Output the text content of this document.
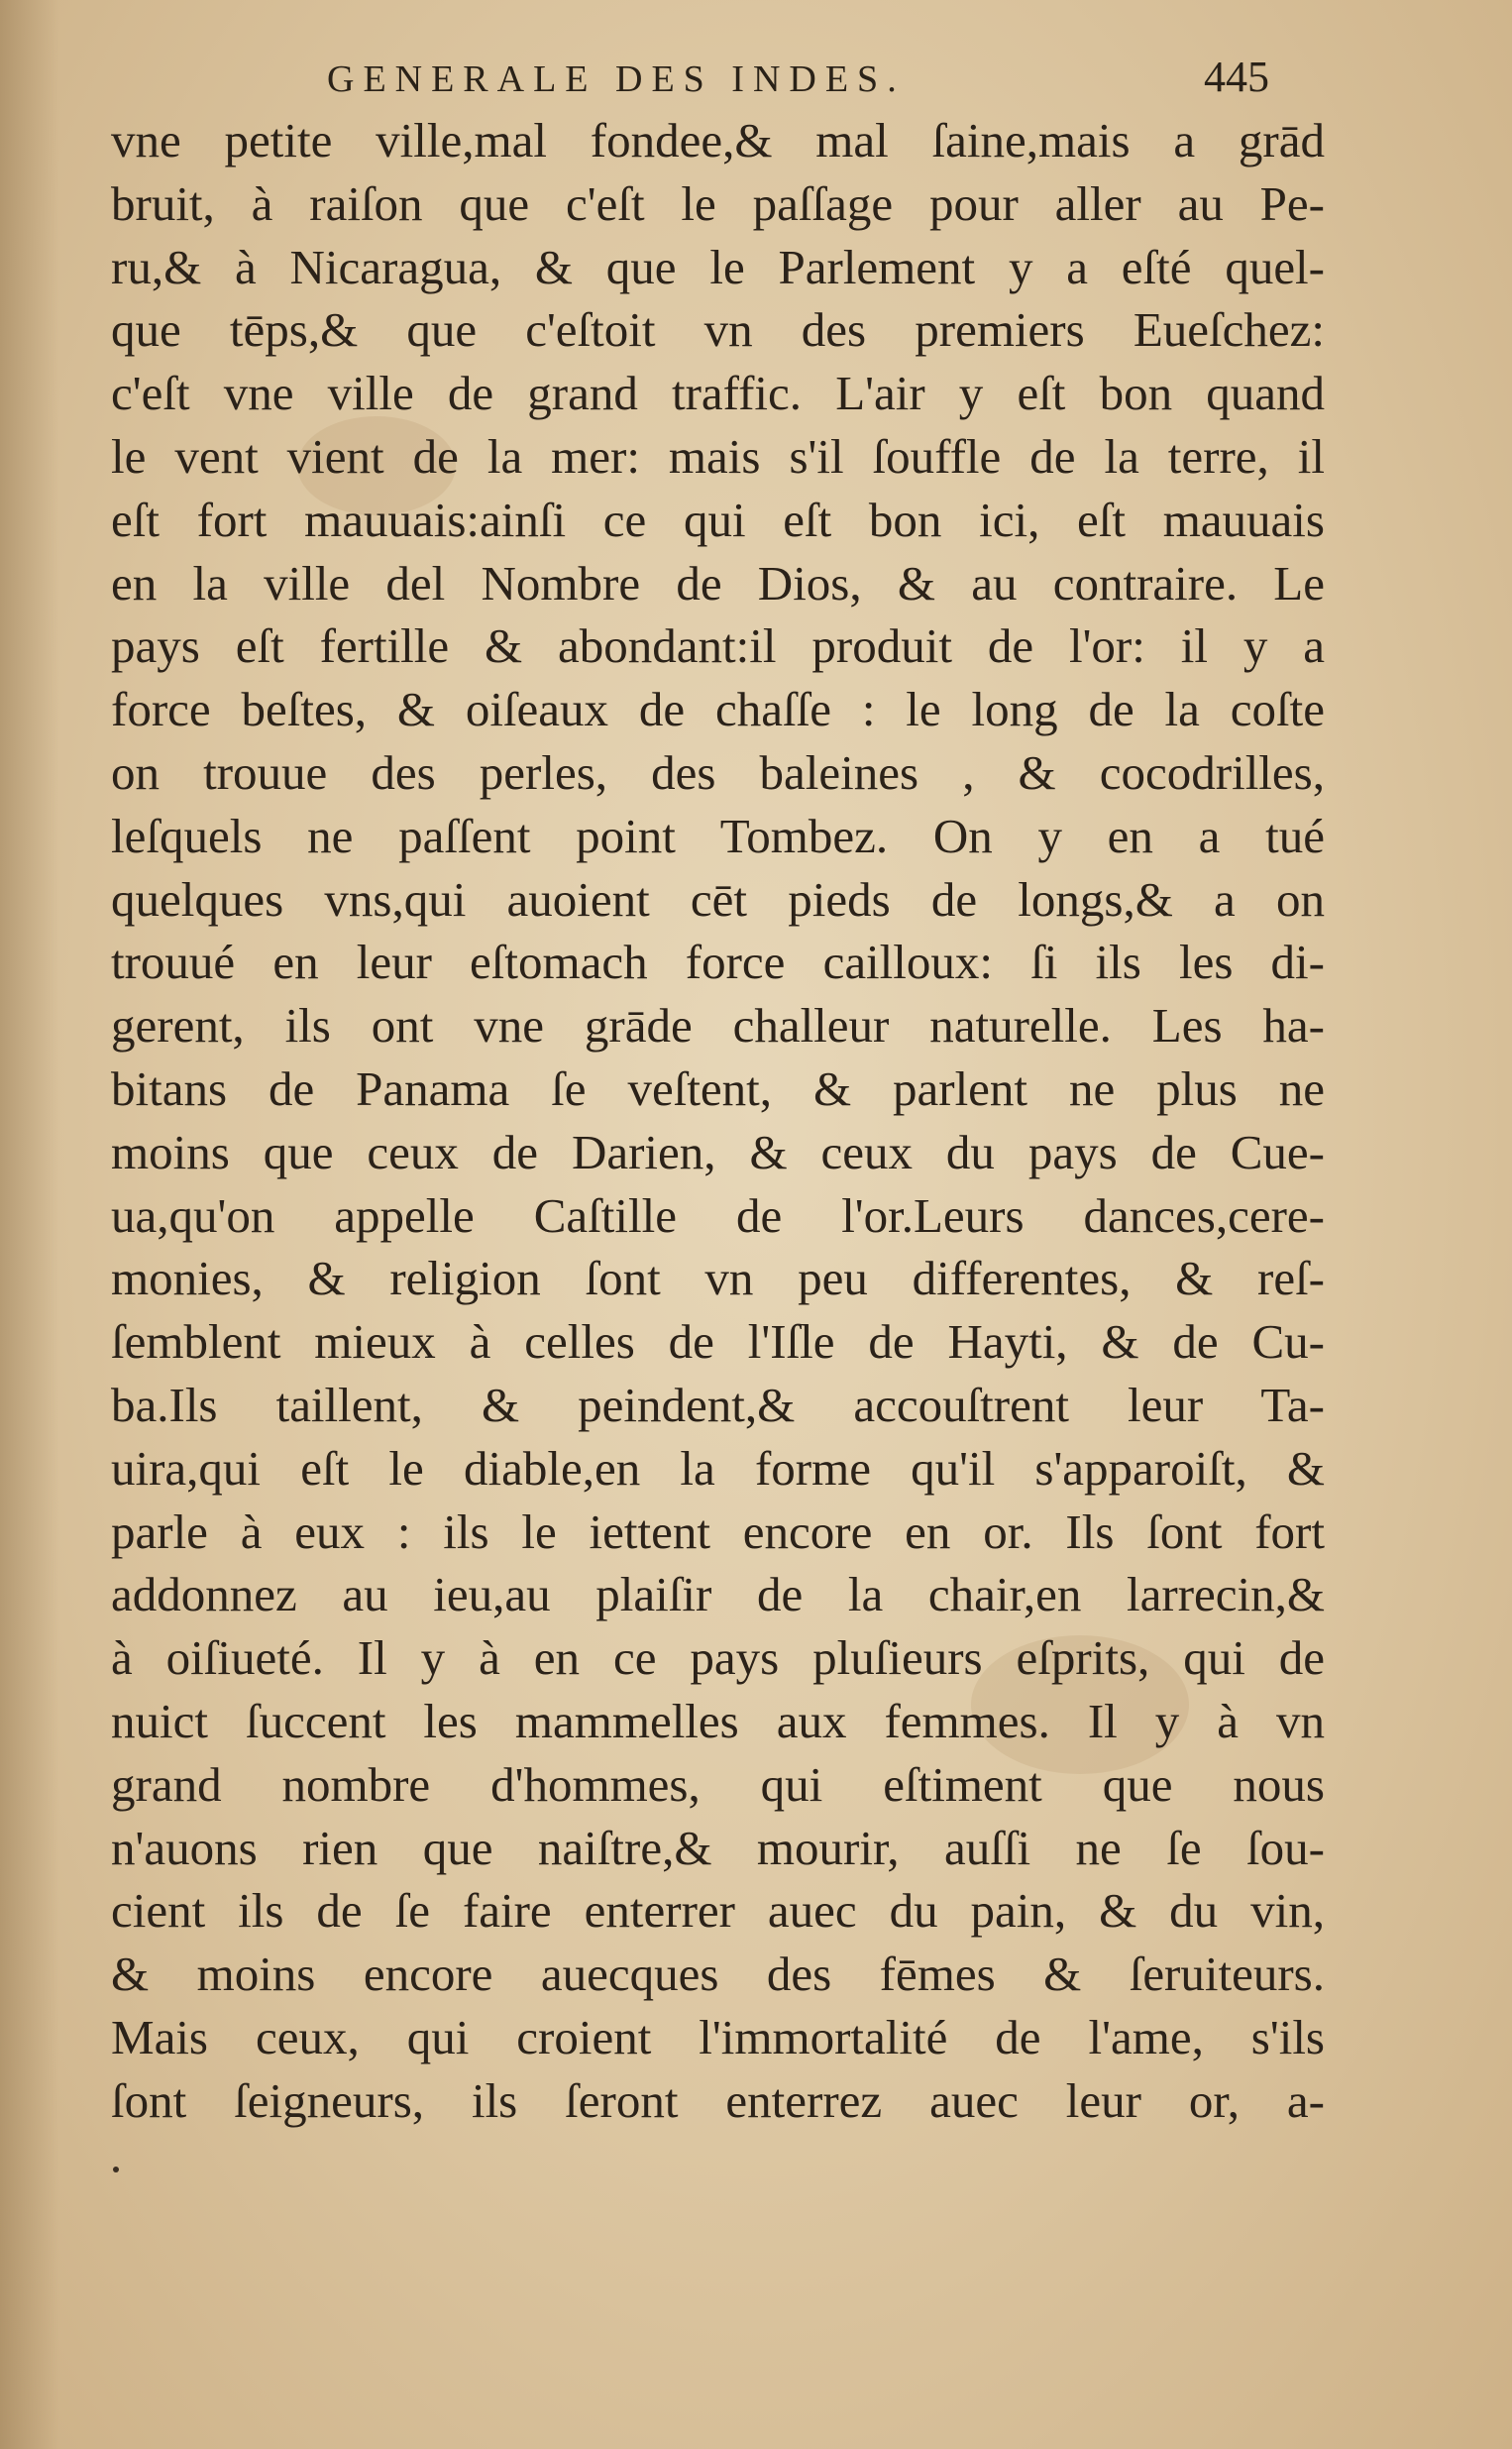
GENERALE DES INDES.	445
vne petite ville,mal fondee,& mal ſaine,mais a grād
bruit, à raiſon que c'eſt le paſſage pour aller au Pe-
ru,& à Nicaragua, & que le Parlement y a eſté quel-
que tēps,& que c'eſtoit vn des premiers Eueſchez:
c'eſt vne ville de grand traffic. L'air y eſt bon quand
le vent vient de la mer: mais s'il ſouffle de la terre, il
eſt fort mauuais:ainſi ce qui eſt bon ici, eſt mauuais
en la ville del Nombre de Dios, & au contraire. Le
pays eſt fertille & abondant:il produit de l'or: il y a
force beſtes, & oiſeaux de chaſſe : le long de la coſte
on trouue des perles, des baleines , & cocodrilles,
leſquels ne paſſent point Tombez. On y en a tué
quelques vns,qui auoient cēt pieds de longs,& a on
trouué en leur eſtomach force cailloux: ſi ils les di-
gerent, ils ont vne grāde challeur naturelle. Les ha-
bitans de Panama ſe veſtent, & parlent ne plus ne
moins que ceux de Darien, & ceux du pays de Cue-
ua,qu'on appelle Caſtille de l'or.Leurs dances,cere-
monies, & religion ſont vn peu differentes, & reſ-
ſemblent mieux à celles de l'Iſle de Hayti, & de Cu-
ba.Ils taillent, & peindent,& accouſtrent leur Ta-
uira,qui eſt le diable,en la forme qu'il s'apparoiſt, &
parle à eux : ils le iettent encore en or. Ils ſont fort
addonnez au ieu,au plaiſir de la chair,en larrecin,&
à oiſiueté. Il y à en ce pays pluſieurs eſprits, qui de
nuict ſuccent les mammelles aux femmes. Il y à vn
grand nombre d'hommes, qui eſtiment que nous
n'auons rien que naiſtre,& mourir, auſſi ne ſe ſou-
cient ils de ſe faire enterrer auec du pain, & du vin,
& moins encore auecques des fēmes & ſeruiteurs.
Mais ceux, qui croient l'immortalité de l'ame, s'ils
ſont ſeigneurs, ils ſeront enterrez auec leur or, a-
